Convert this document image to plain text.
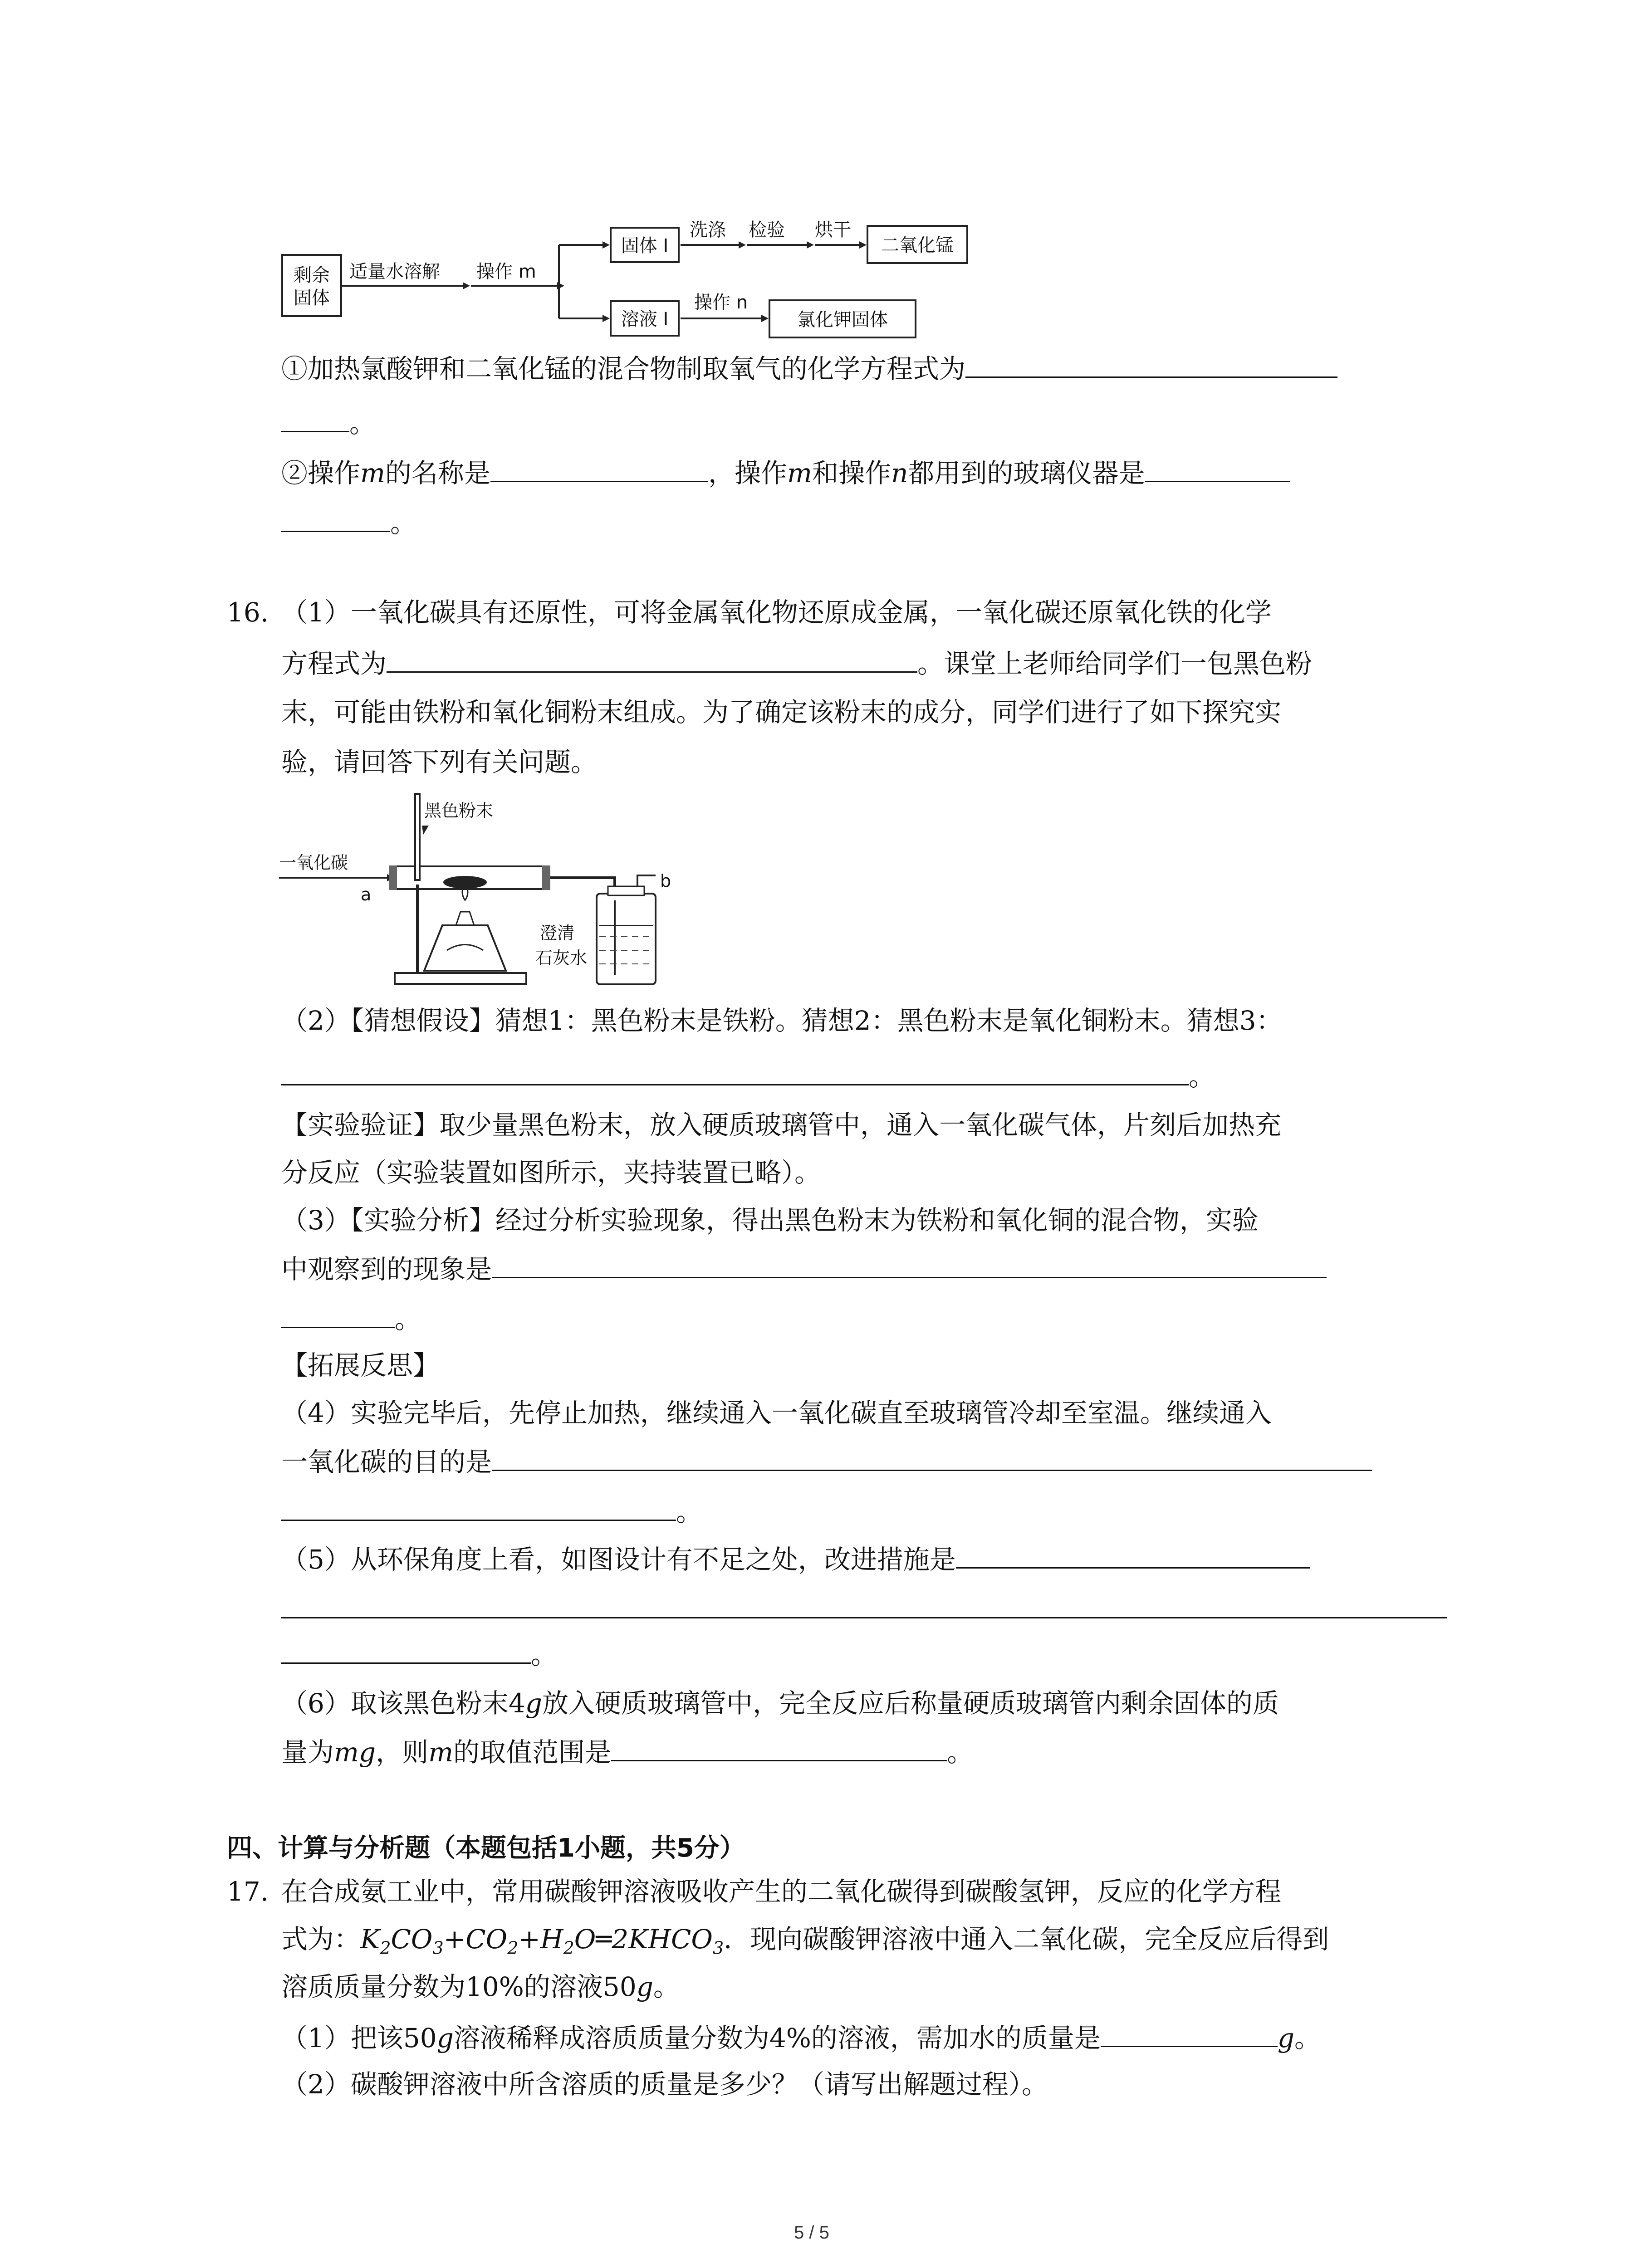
剩余
固体
适量水溶解 操作 m
固体 I
洗涤 检验 烘干
二氧化锰
溶液 I
操作 n
氯化钾固体
①加热氯酸钾和二氧化锰的混合物制取氧气的化学方程式为
。
②操作m的名称是	，操作m和操作n都用到的玻璃仪器是
。
16. （1）一氧化碳具有还原性，可将金属氧化物还原成金属，一氧化碳还原氧化铁的化学
方程式为	。课堂上老师给同学们一包黑色粉
末，可能由铁粉和氧化铜粉末组成。为了确定该粉末的成分，同学们进行了如下探究实
验，请回答下列有关问题。
一氧化碳
a
黑色粉末
b
澄清
石灰水
（2）【猜想假设】猜想1：黑色粉末是铁粉。猜想2：黑色粉末是氧化铜粉末。猜想3：
。
【实验验证】取少量黑色粉末，放入硬质玻璃管中，通入一氧化碳气体，片刻后加热充
分反应（实验装置如图所示，夹持装置已略）。
（3）【实验分析】经过分析实验现象，得出黑色粉末为铁粉和氧化铜的混合物，实验
中观察到的现象是
。
【拓展反思】
（4）实验完毕后，先停止加热，继续通入一氧化碳直至玻璃管冷却至室温。继续通入
一氧化碳的目的是
。
（5）从环保角度上看，如图设计有不足之处，改进措施是
。
（6）取该黑色粉末4g放入硬质玻璃管中，完全反应后称量硬质玻璃管内剩余固体的质
量为mg，则m的取值范围是	。
四、计算与分析题（本题包括1小题，共5分）
17. 在合成氨工业中，常用碳酸钾溶液吸收产生的二氧化碳得到碳酸氢钾，反应的化学方程
式为：$K_2CO_3+CO_2+H_2O═2KHCO_3$．现向碳酸钾溶液中通入二氧化碳，完全反应后得到
溶质质量分数为10%的溶液50g。
（1）把该50g溶液稀释成溶质质量分数为4%的溶液，需加水的质量是	g。
（2）碳酸钾溶液中所含溶质的质量是多少？（请写出解题过程）。
5 / 5
